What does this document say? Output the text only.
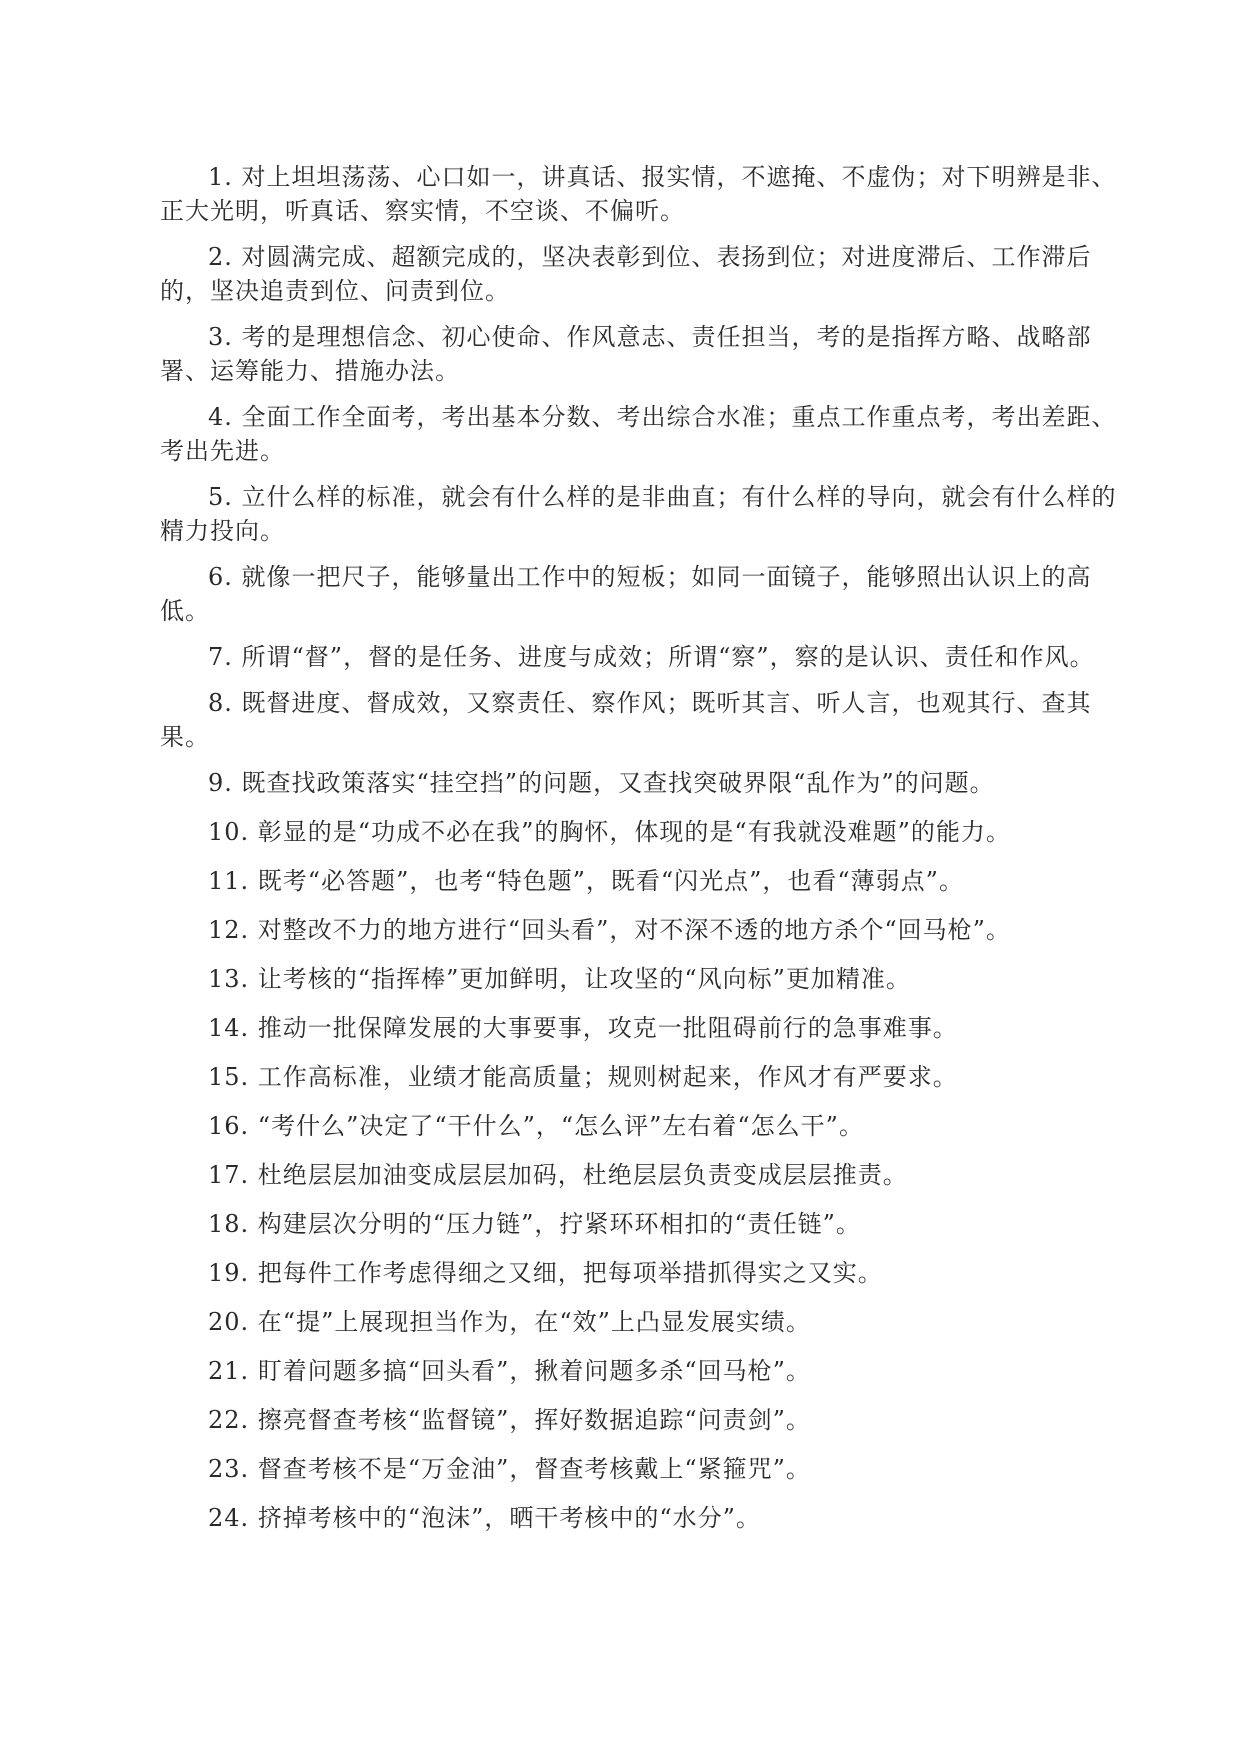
1. 对上坦坦荡荡、心口如一，讲真话、报实情，不遮掩、不虚伪；对下明辨是非、正大光明，听真话、察实情，不空谈、不偏听。

2. 对圆满完成、超额完成的，坚决表彰到位、表扬到位；对进度滞后、工作滞后的，坚决追责到位、问责到位。

3. 考的是理想信念、初心使命、作风意志、责任担当，考的是指挥方略、战略部署、运筹能力、措施办法。

4. 全面工作全面考，考出基本分数、考出综合水准；重点工作重点考，考出差距、考出先进。

5. 立什么样的标准，就会有什么样的是非曲直；有什么样的导向，就会有什么样的精力投向。

6. 就像一把尺子，能够量出工作中的短板；如同一面镜子，能够照出认识上的高低。

7. 所谓“督”，督的是任务、进度与成效；所谓“察”，察的是认识、责任和作风。

8. 既督进度、督成效，又察责任、察作风；既听其言、听人言，也观其行、查其果。

9. 既查找政策落实“挂空挡”的问题，又查找突破界限“乱作为”的问题。

10. 彰显的是“功成不必在我”的胸怀，体现的是“有我就没难题”的能力。

11. 既考“必答题”，也考“特色题”，既看“闪光点”，也看“薄弱点”。

12. 对整改不力的地方进行“回头看”，对不深不透的地方杀个“回马枪”。

13. 让考核的“指挥棒”更加鲜明，让攻坚的“风向标”更加精准。

14. 推动一批保障发展的大事要事，攻克一批阻碍前行的急事难事。

15. 工作高标准，业绩才能高质量；规则树起来，作风才有严要求。

16. “考什么”决定了“干什么”，“怎么评”左右着“怎么干”。

17. 杜绝层层加油变成层层加码，杜绝层层负责变成层层推责。

18. 构建层次分明的“压力链”，拧紧环环相扣的“责任链”。

19. 把每件工作考虑得细之又细，把每项举措抓得实之又实。

20. 在“提”上展现担当作为，在“效”上凸显发展实绩。

21. 盯着问题多搞“回头看”，揪着问题多杀“回马枪”。

22. 擦亮督查考核“监督镜”，挥好数据追踪“问责剑”。

23. 督查考核不是“万金油”，督查考核戴上“紧箍咒”。

24. 挤掉考核中的“泡沫”，晒干考核中的“水分”。
